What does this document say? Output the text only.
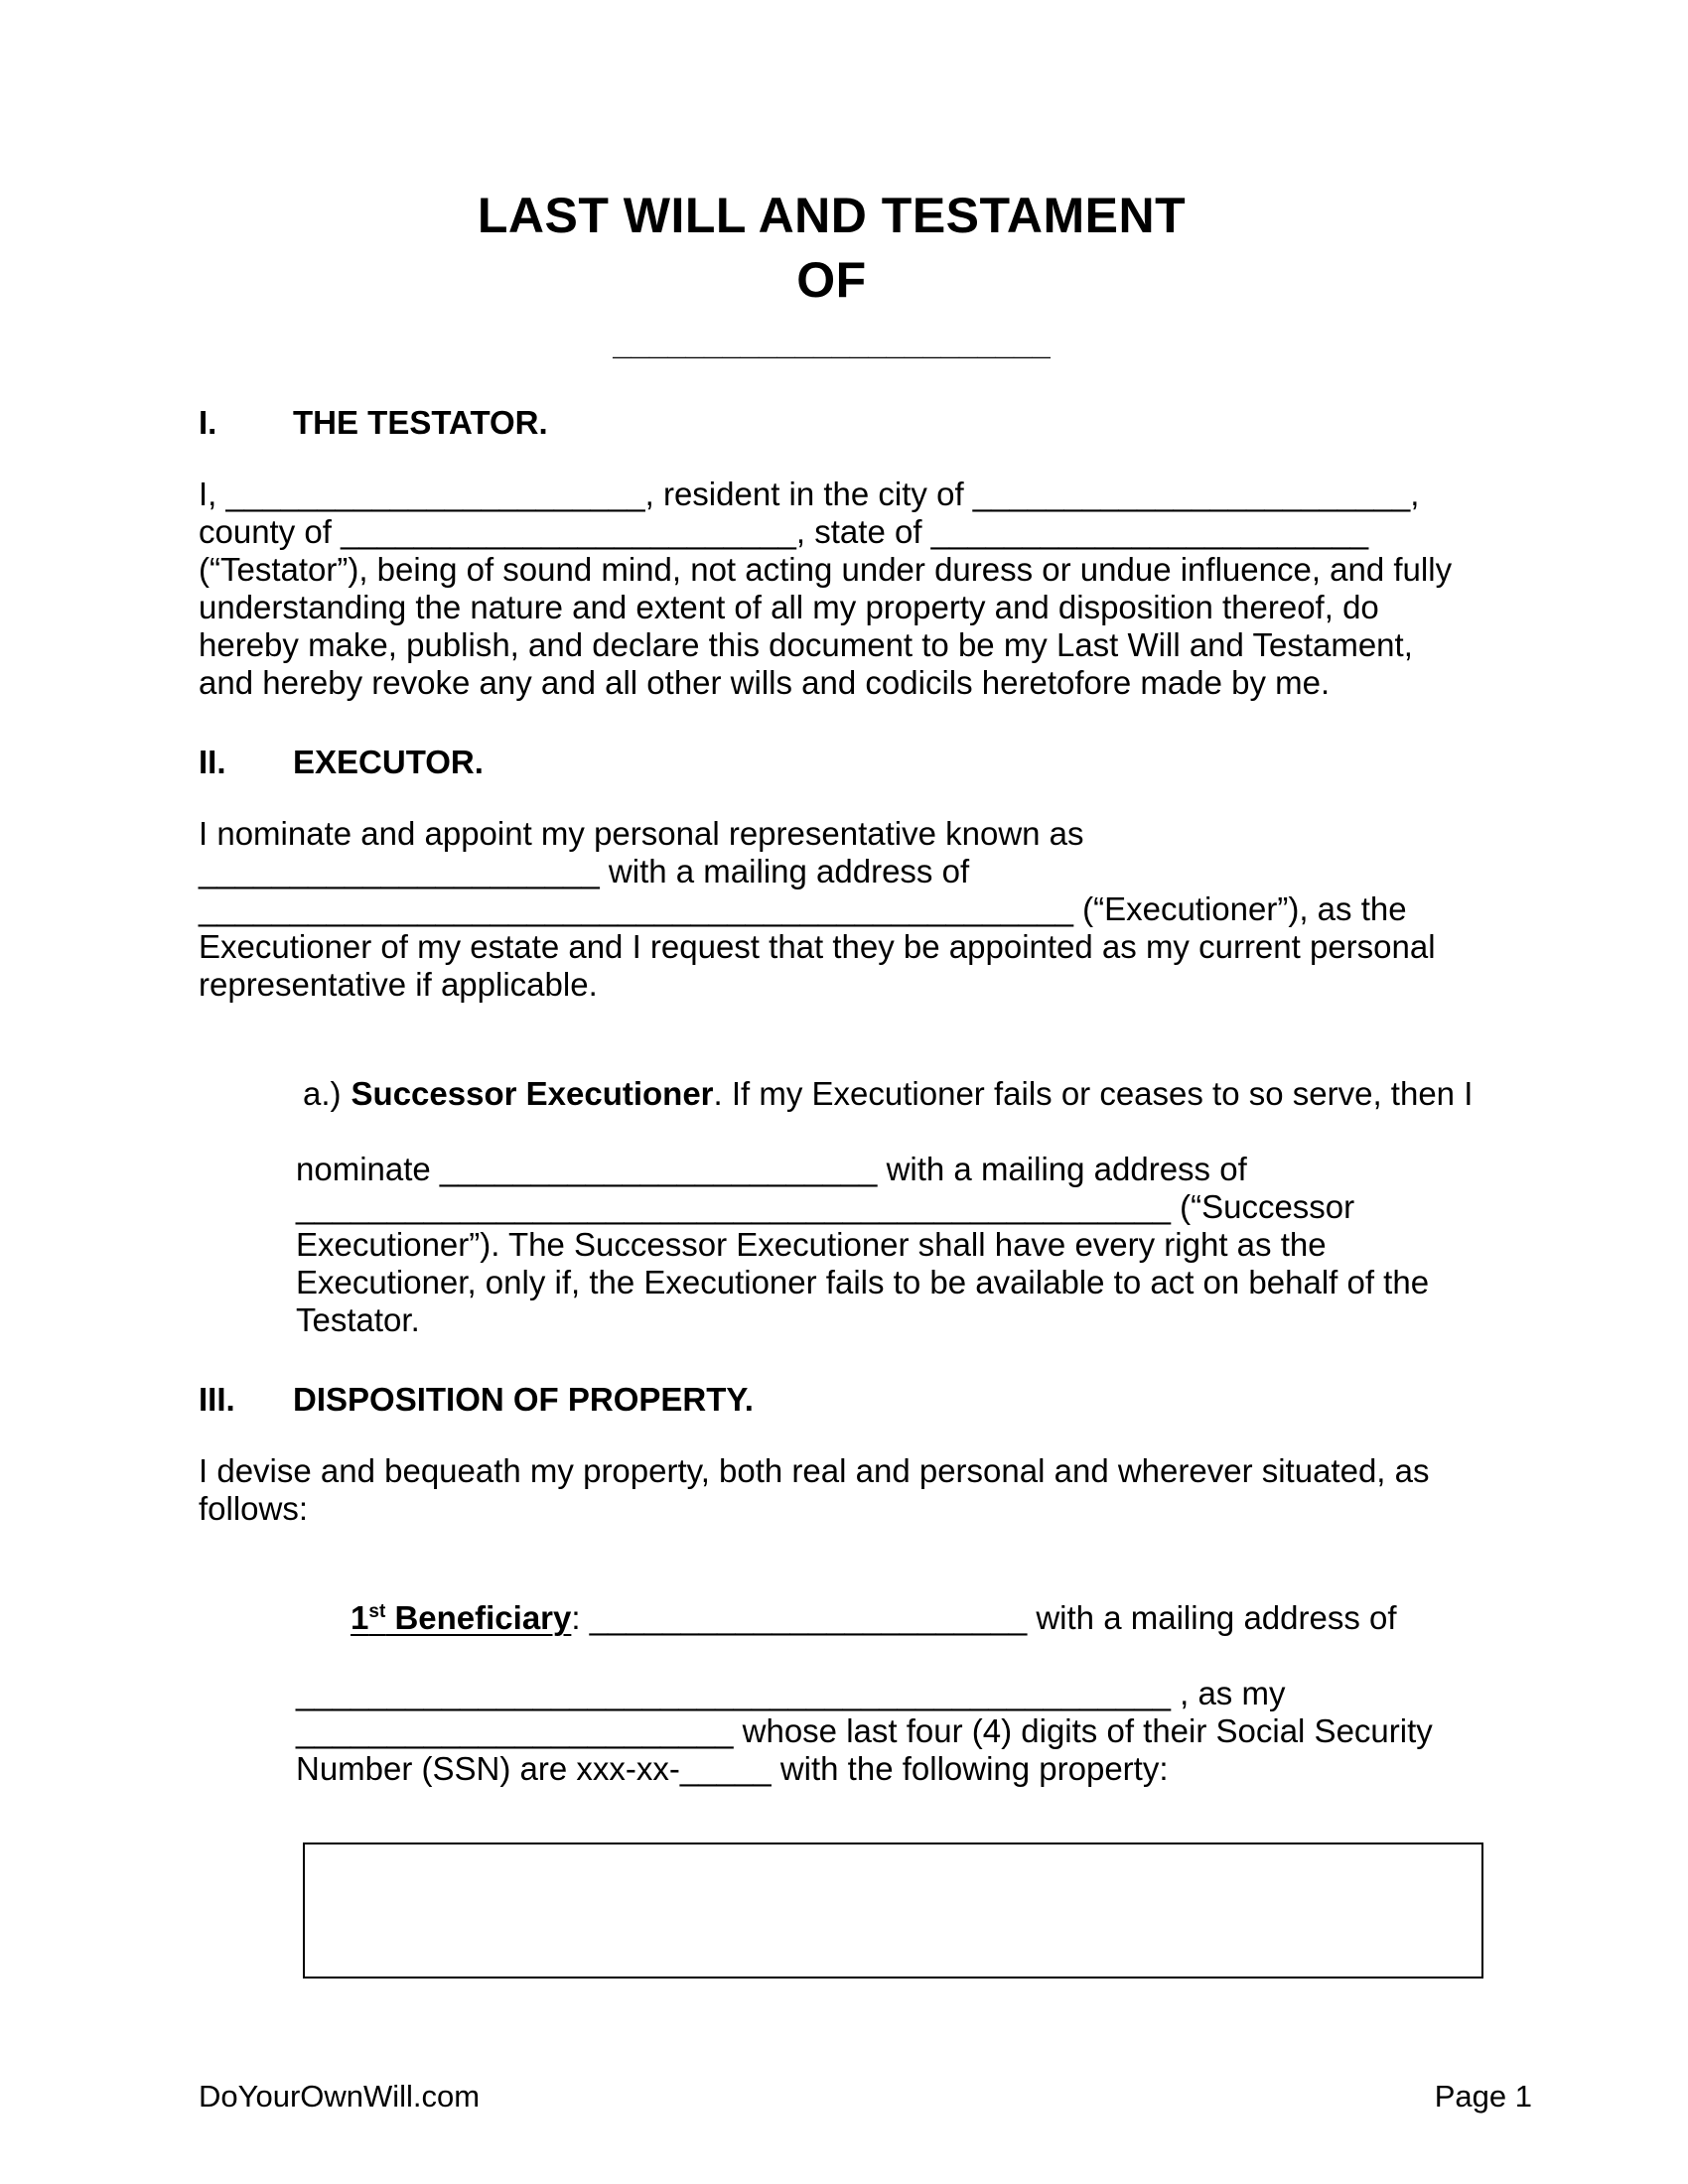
LAST WILL AND TESTAMENT
OF
________________________
I. THE TESTATOR.
I, _______________________, resident in the city of ________________________,
county of _________________________, state of ________________________
(“Testator”), being of sound mind, not acting under duress or undue influence, and fully
understanding the nature and extent of all my property and disposition thereof, do
hereby make, publish, and declare this document to be my Last Will and Testament,
and hereby revoke any and all other wills and codicils heretofore made by me.
II. EXECUTOR.
I nominate and appoint my personal representative known as
______________________ with a mailing address of
________________________________________________ (“Executioner”), as the
Executioner of my estate and I request that they be appointed as my current personal
representative if applicable.

a.) Successor Executioner. If my Executioner fails or ceases to so serve, then I

nominate ________________________ with a mailing address of
________________________________________________ (“Successor
Executioner”). The Successor Executioner shall have every right as the
Executioner, only if, the Executioner fails to be available to act on behalf of the
Testator.
III. DISPOSITION OF PROPERTY.
I devise and bequeath my property, both real and personal and wherever situated, as
follows:

1st Beneficiary: ________________________ with a mailing address of

________________________________________________ , as my
________________________ whose last four (4) digits of their Social Security
Number (SSN) are xxx-xx-_____ with the following property:
DoYourOwnWill.com	Page 1
